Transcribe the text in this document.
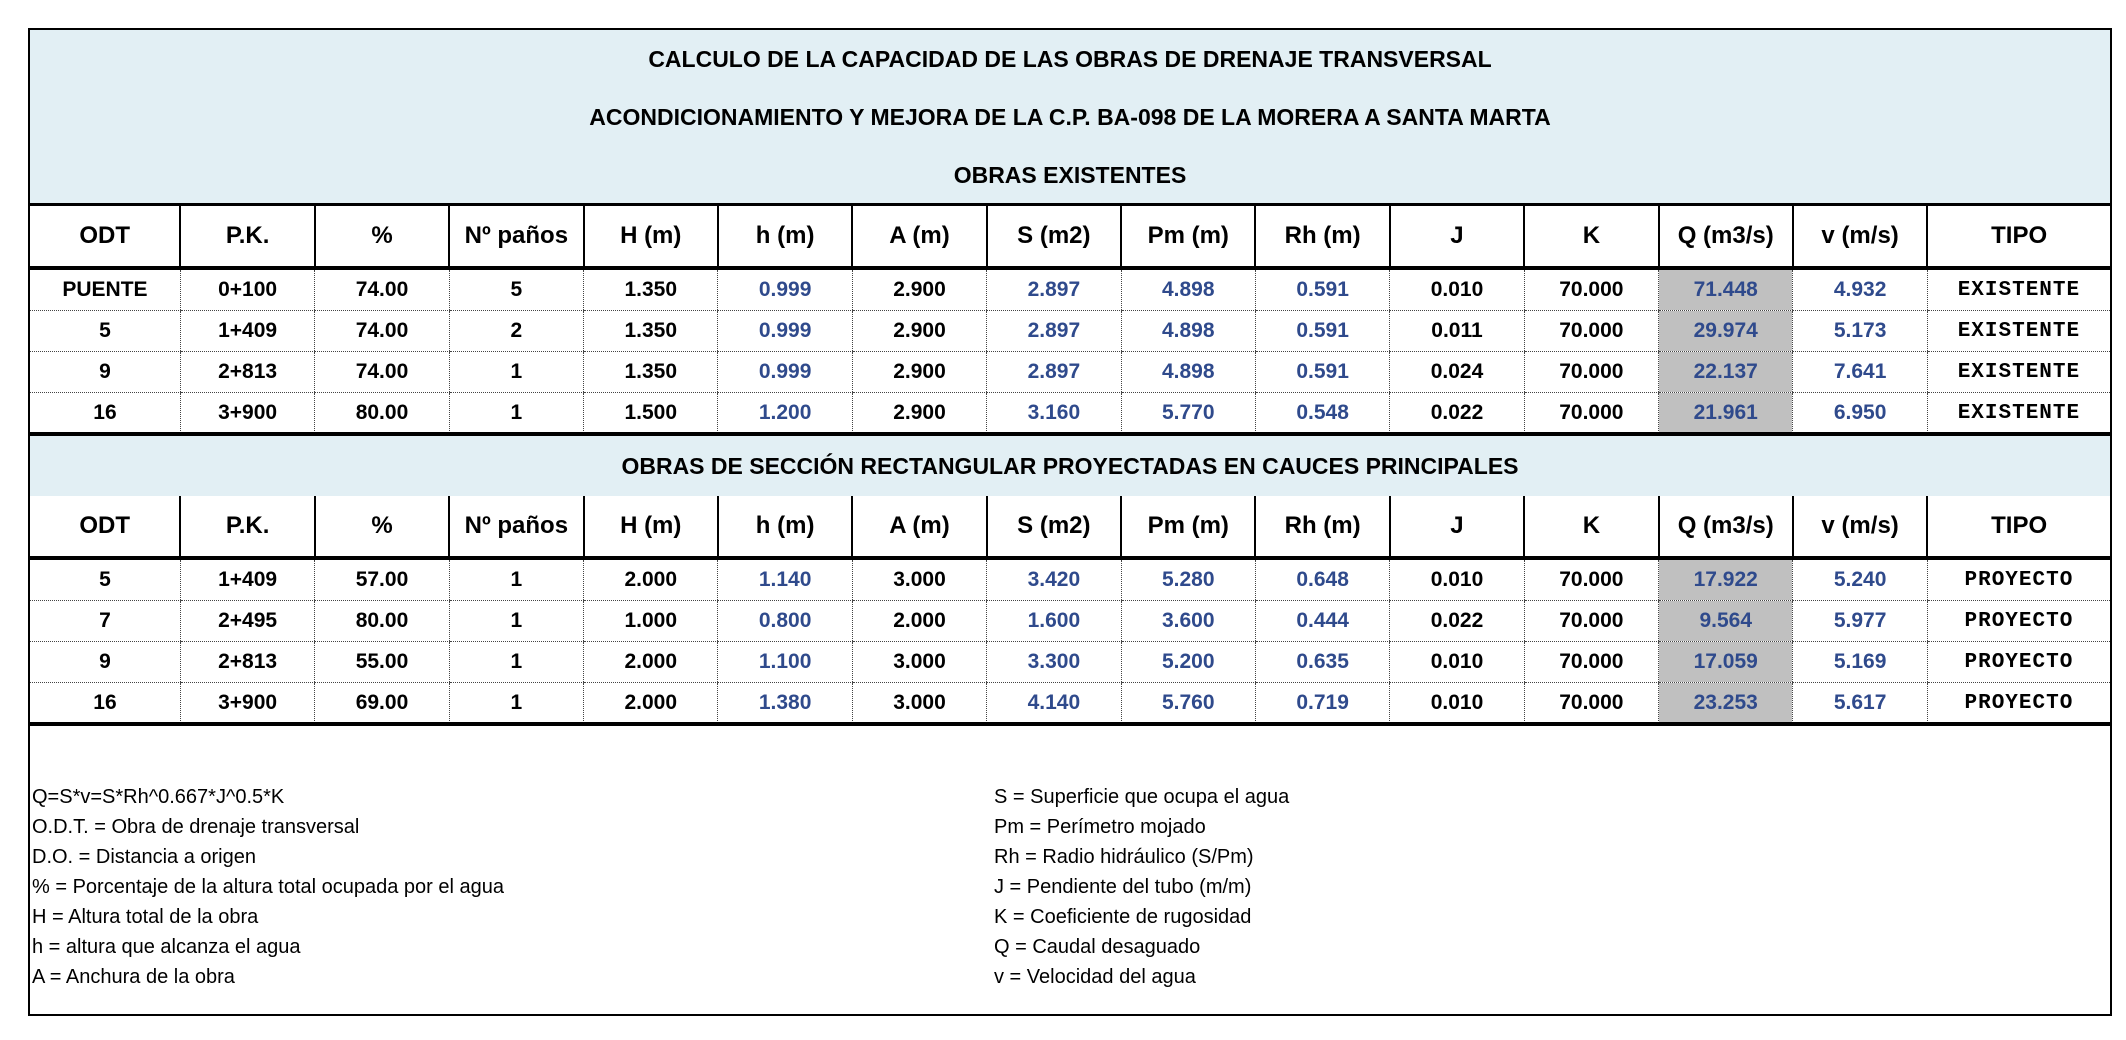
CALCULO DE LA CAPACIDAD DE LAS OBRAS DE DRENAJE TRANSVERSAL
ACONDICIONAMIENTO Y MEJORA DE LA C.P. BA-098 DE LA MORERA A SANTA MARTA
OBRAS EXISTENTES
ODT	P.K.	%	Nº paños	H (m)	h (m)	A (m)	S (m2)	Pm (m)	Rh (m)	J	K	Q (m3/s)	v (m/s)	TIPO
PUENTE	0+100	74.00	5	1.350	0.999	2.900	2.897	4.898	0.591	0.010	70.000	71.448	4.932	EXISTENTE
5	1+409	74.00	2	1.350	0.999	2.900	2.897	4.898	0.591	0.011	70.000	29.974	5.173	EXISTENTE
9	2+813	74.00	1	1.350	0.999	2.900	2.897	4.898	0.591	0.024	70.000	22.137	7.641	EXISTENTE
16	3+900	80.00	1	1.500	1.200	2.900	3.160	5.770	0.548	0.022	70.000	21.961	6.950	EXISTENTE
OBRAS DE SECCIÓN RECTANGULAR PROYECTADAS EN CAUCES PRINCIPALES
ODT	P.K.	%	Nº paños	H (m)	h (m)	A (m)	S (m2)	Pm (m)	Rh (m)	J	K	Q (m3/s)	v (m/s)	TIPO
5	1+409	57.00	1	2.000	1.140	3.000	3.420	5.280	0.648	0.010	70.000	17.922	5.240	PROYECTO
7	2+495	80.00	1	1.000	0.800	2.000	1.600	3.600	0.444	0.022	70.000	9.564	5.977	PROYECTO
9	2+813	55.00	1	2.000	1.100	3.000	3.300	5.200	0.635	0.010	70.000	17.059	5.169	PROYECTO
16	3+900	69.00	1	2.000	1.380	3.000	4.140	5.760	0.719	0.010	70.000	23.253	5.617	PROYECTO
Q=S*v=S*Rh^0.667*J^0.5*K
O.D.T. = Obra de drenaje transversal
D.O. = Distancia a origen
% = Porcentaje de la altura total ocupada por el agua
H = Altura total de la obra
h = altura que alcanza el agua
A = Anchura de la obra
S = Superficie que ocupa el agua
Pm = Perímetro mojado
Rh = Radio hidráulico (S/Pm)
J = Pendiente del tubo (m/m)
K = Coeficiente de rugosidad
Q = Caudal desaguado
v = Velocidad del agua
